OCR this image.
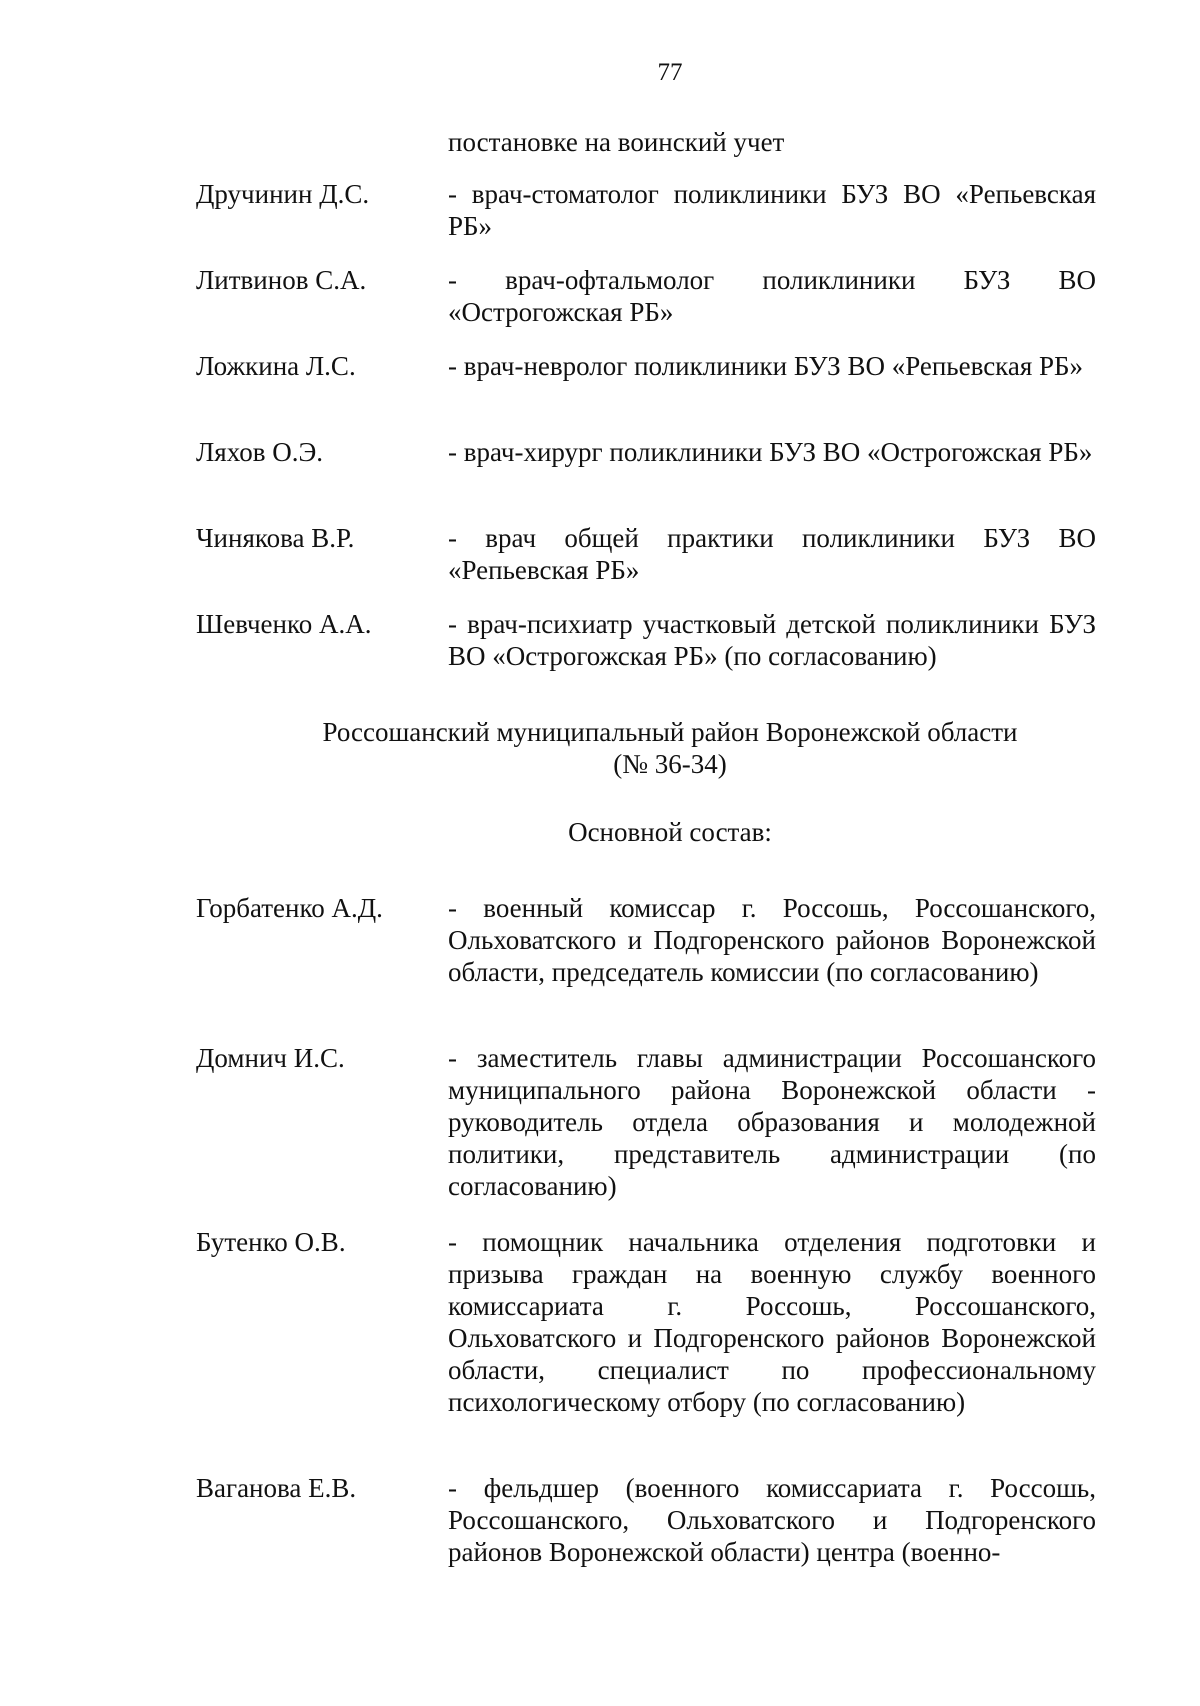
77
постановке на воинский учет
Дручинин Д.С.	- врач-стоматолог поликлиники БУЗ ВО «Репьевская РБ»
Литвинов С.А.	- врач-офтальмолог поликлиники БУЗ ВО «Острогожская РБ»
Ложкина Л.С.	- врач-невролог поликлиники БУЗ ВО «Репьевская РБ»
Ляхов О.Э.	- врач-хирург поликлиники БУЗ ВО «Острогожская РБ»
Чинякова В.Р.	- врач общей практики поликлиники БУЗ ВО «Репьевская РБ»
Шевченко А.А.	- врач-психиатр участковый детской поликлиники БУЗ ВО «Острогожская РБ» (по согласованию)
Россошанский муниципальный район Воронежской области
(№ 36-34)
Основной состав:
Горбатенко А.Д. - военный комиссар г. Россошь, Россошанского, Ольховатского и Подгоренского районов Воронежской области, председатель комиссии (по согласованию)
Домнич И.С.	- заместитель главы администрации Россошанского муниципального района Воронежской области - руководитель отдела образования и молодежной политики, представитель администрации (по согласованию)
Бутенко О.В.	- помощник начальника отделения подготовки и призыва граждан на военную службу военного комиссариата г. Россошь, Россошанского, Ольховатского и Подгоренского районов Воронежской области, специалист по профессиональному психологическому отбору (по согласованию)
Ваганова Е.В.	- фельдшер (военного комиссариата г. Россошь, Россошанского, Ольховатского и Подгоренского районов Воронежской области) центра (военно-
